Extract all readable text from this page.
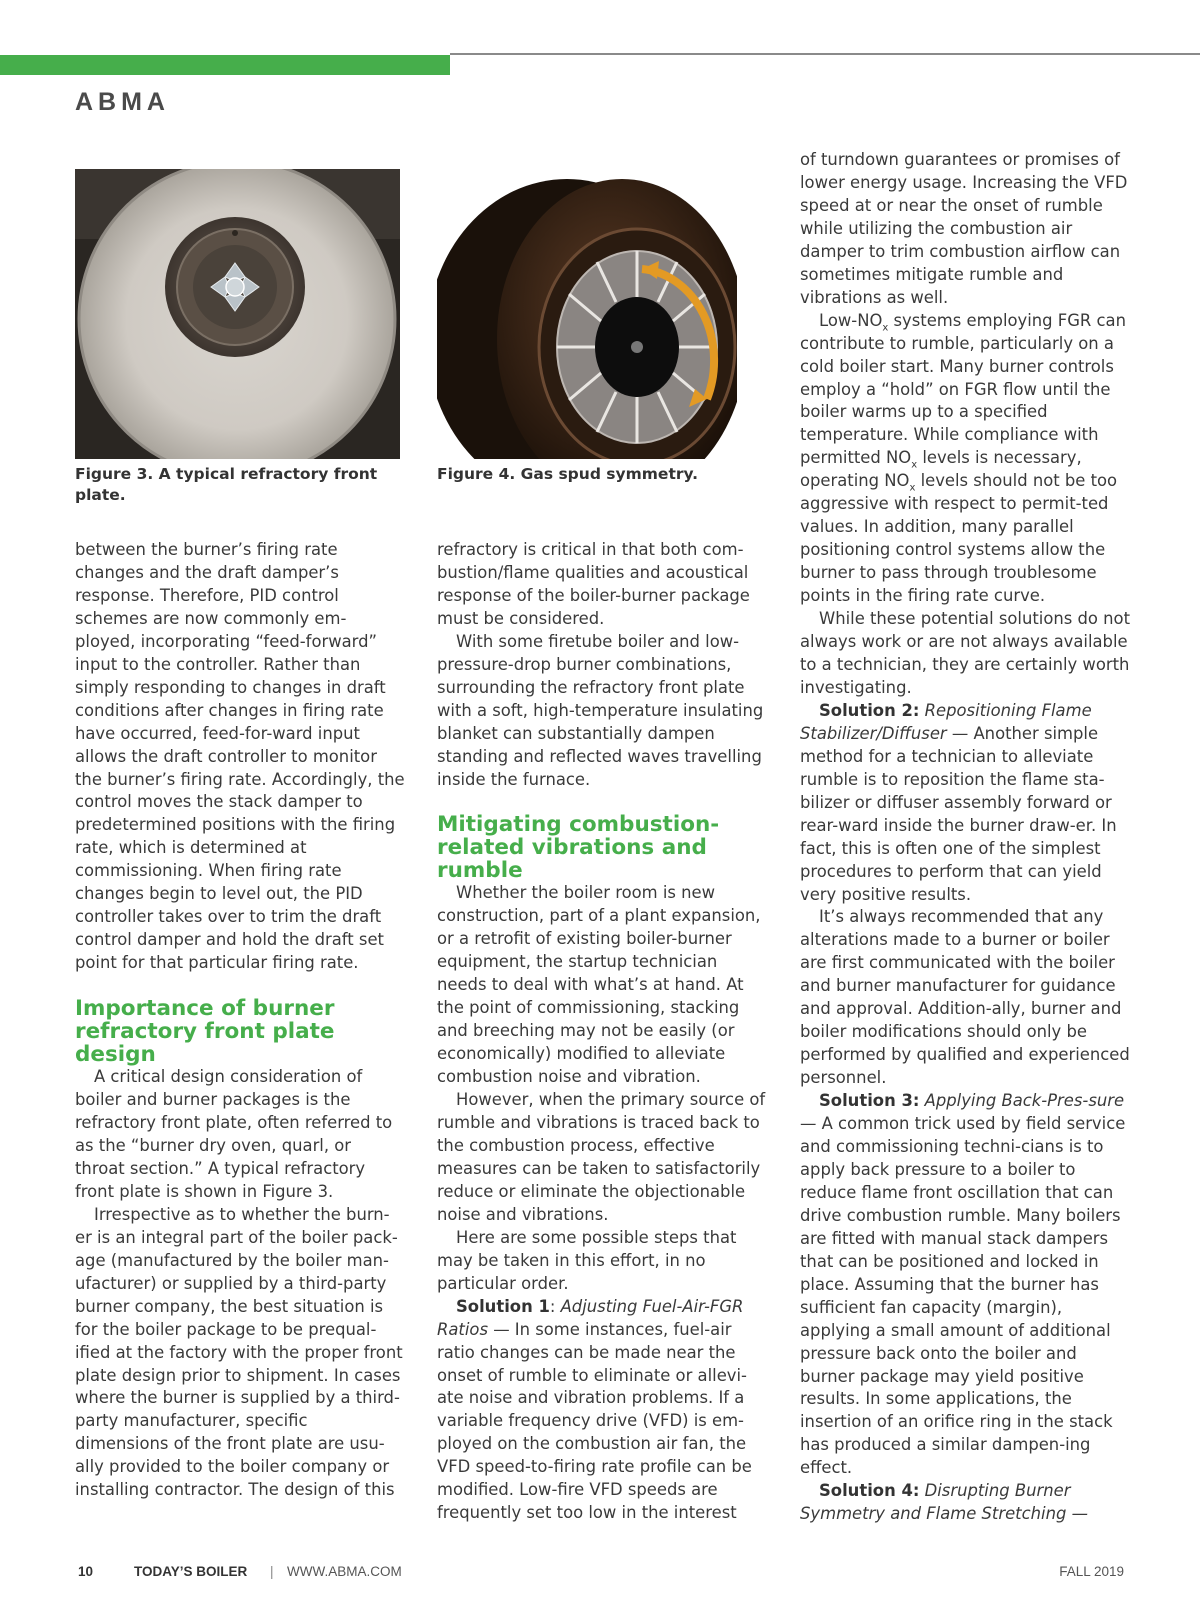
ABMA
Figure 3. A typical refractory front plate.
Figure 4. Gas spud symmetry.

between the burner’s firing rate changes and the draft damper’s response. Therefore, PID control schemes are now commonly em-ployed, incorporating “feed-forward” input to the controller. Rather than simply responding to changes in draft conditions after changes in firing rate have occurred, feed-for-ward input allows the draft controller to monitor the burner’s firing rate. Accordingly, the control moves the stack damper to predetermined positions with the firing rate, which is determined at commissioning. When firing rate changes begin to level out, the PID controller takes over to trim the draft control damper and hold the draft set point for that particular firing rate.

Importance of burner refractory front plate design

A critical design consideration of boiler and burner packages is the refractory front plate, often referred to as the “burner dry oven, quarl, or throat section.” A typical refractory front plate is shown in Figure 3.

Irrespective as to whether the burn-er is an integral part of the boiler pack-age (manufactured by the boiler man-ufacturer) or supplied by a third-party burner company, the best situation is for the boiler package to be prequal-ified at the factory with the proper front plate design prior to shipment. In cases where the burner is supplied by a third-party manufacturer, specific dimensions of the front plate are usu-ally provided to the boiler company or installing contractor. The design of this

refractory is critical in that both com-bustion/flame qualities and acoustical response of the boiler-burner package must be considered.

With some firetube boiler and low-pressure-drop burner combinations, surrounding the refractory front plate with a soft, high-temperature insulating blanket can substantially dampen standing and reflected waves travelling inside the furnace.

Mitigating combustion-related vibrations and rumble

Whether the boiler room is new construction, part of a plant expansion, or a retrofit of existing boiler-burner equipment, the startup technician needs to deal with what’s at hand. At the point of commissioning, stacking and breeching may not be easily (or economically) modified to alleviate combustion noise and vibration.

However, when the primary source of rumble and vibrations is traced back to the combustion process, effective measures can be taken to satisfactorily reduce or eliminate the objectionable noise and vibrations.

Here are some possible steps that may be taken in this effort, in no particular order.

Solution 1: Adjusting Fuel-Air-FGR Ratios — In some instances, fuel-air ratio changes can be made near the onset of rumble to eliminate or allevi-ate noise and vibration problems. If a variable frequency drive (VFD) is em-ployed on the combustion air fan, the VFD speed-to-firing rate profile can be modified. Low-fire VFD speeds are frequently set too low in the interest

of turndown guarantees or promises of lower energy usage. Increasing the VFD speed at or near the onset of rumble while utilizing the combustion air damper to trim combustion airflow can sometimes mitigate rumble and vibrations as well.

Low-$NO_x$ systems employing FGR can contribute to rumble, particularly on a cold boiler start. Many burner controls employ a “hold” on FGR flow until the boiler warms up to a specified temperature. While compliance with permitted $NO_x$ levels is necessary, operating $NO_x$ levels should not be too aggressive with respect to permit-ted values. In addition, many parallel positioning control systems allow the burner to pass through troublesome points in the firing rate curve.

While these potential solutions do not always work or are not always available to a technician, they are certainly worth investigating.

Solution 2: Repositioning Flame Stabilizer/Diffuser — Another simple method for a technician to alleviate rumble is to reposition the flame sta-bilizer or diffuser assembly forward or rear-ward inside the burner draw-er. In fact, this is often one of the simplest procedures to perform that can yield very positive results.

It’s always recommended that any alterations made to a burner or boiler are first communicated with the boiler and burner manufacturer for guidance and approval. Addition-ally, burner and boiler modifications should only be performed by qualified and experienced personnel.

Solution 3: Applying Back-Pres-sure — A common trick used by field service and commissioning techni-cians is to apply back pressure to a boiler to reduce flame front oscillation that can drive combustion rumble. Many boilers are fitted with manual stack dampers that can be positioned and locked in place. Assuming that the burner has sufficient fan capacity (margin), applying a small amount of additional pressure back onto the boiler and burner package may yield positive results. In some applications, the insertion of an orifice ring in the stack has produced a similar dampen-ing effect.

Solution 4: Disrupting Burner Symmetry and Flame Stretching —

10	TODAY’S BOILER | WWW.ABMA.COM	FALL 2019
